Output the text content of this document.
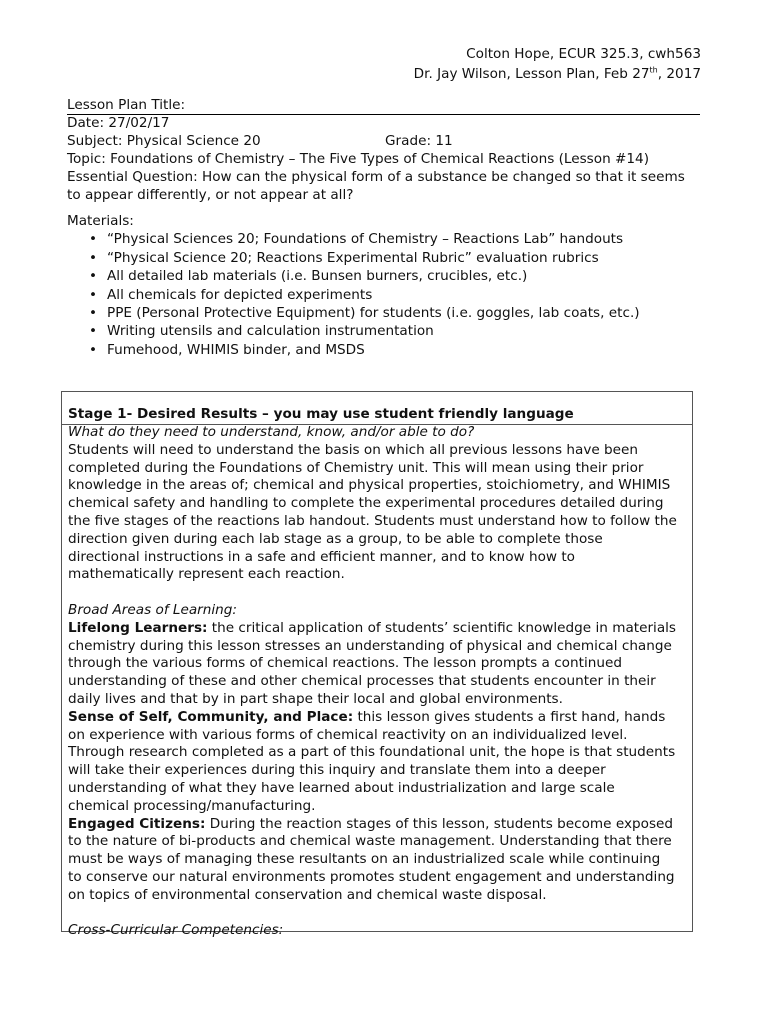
Colton Hope, ECUR 325.3, cwh563
Dr. Jay Wilson, Lesson Plan, Feb 27th, 2017
Lesson Plan Title:
Date: 27/02/17
Subject: Physical Science 20	Grade: 11
Topic: Foundations of Chemistry – The Five Types of Chemical Reactions (Lesson #14)
Essential Question: How can the physical form of a substance be changed so that it seems
to appear differently, or not appear at all?
Materials:
• “Physical Sciences 20; Foundations of Chemistry – Reactions Lab” handouts
• “Physical Science 20; Reactions Experimental Rubric” evaluation rubrics
• All detailed lab materials (i.e. Bunsen burners, crucibles, etc.)
• All chemicals for depicted experiments
• PPE (Personal Protective Equipment) for students (i.e. goggles, lab coats, etc.)
• Writing utensils and calculation instrumentation
• Fumehood, WHIMIS binder, and MSDS
Stage 1- Desired Results – you may use student friendly language

What do they need to understand, know, and/or able to do?

Students will need to understand the basis on which all previous lessons have been

completed during the Foundations of Chemistry unit. This will mean using their prior

knowledge in the areas of; chemical and physical properties, stoichiometry, and WHIMIS

chemical safety and handling to complete the experimental procedures detailed during

the five stages of the reactions lab handout. Students must understand how to follow the

direction given during each lab stage as a group, to be able to complete those

directional instructions in a safe and efficient manner, and to know how to

mathematically represent each reaction.

Broad Areas of Learning:

Lifelong Learners: the critical application of students’ scientific knowledge in materials

chemistry during this lesson stresses an understanding of physical and chemical change

through the various forms of chemical reactions. The lesson prompts a continued

understanding of these and other chemical processes that students encounter in their

daily lives and that by in part shape their local and global environments.

Sense of Self, Community, and Place: this lesson gives students a first hand, hands

on experience with various forms of chemical reactivity on an individualized level.

Through research completed as a part of this foundational unit, the hope is that students

will take their experiences during this inquiry and translate them into a deeper

understanding of what they have learned about industrialization and large scale

chemical processing/manufacturing.

Engaged Citizens: During the reaction stages of this lesson, students become exposed

to the nature of bi-products and chemical waste management. Understanding that there

must be ways of managing these resultants on an industrialized scale while continuing

to conserve our natural environments promotes student engagement and understanding

on topics of environmental conservation and chemical waste disposal.

Cross-Curricular Competencies:
